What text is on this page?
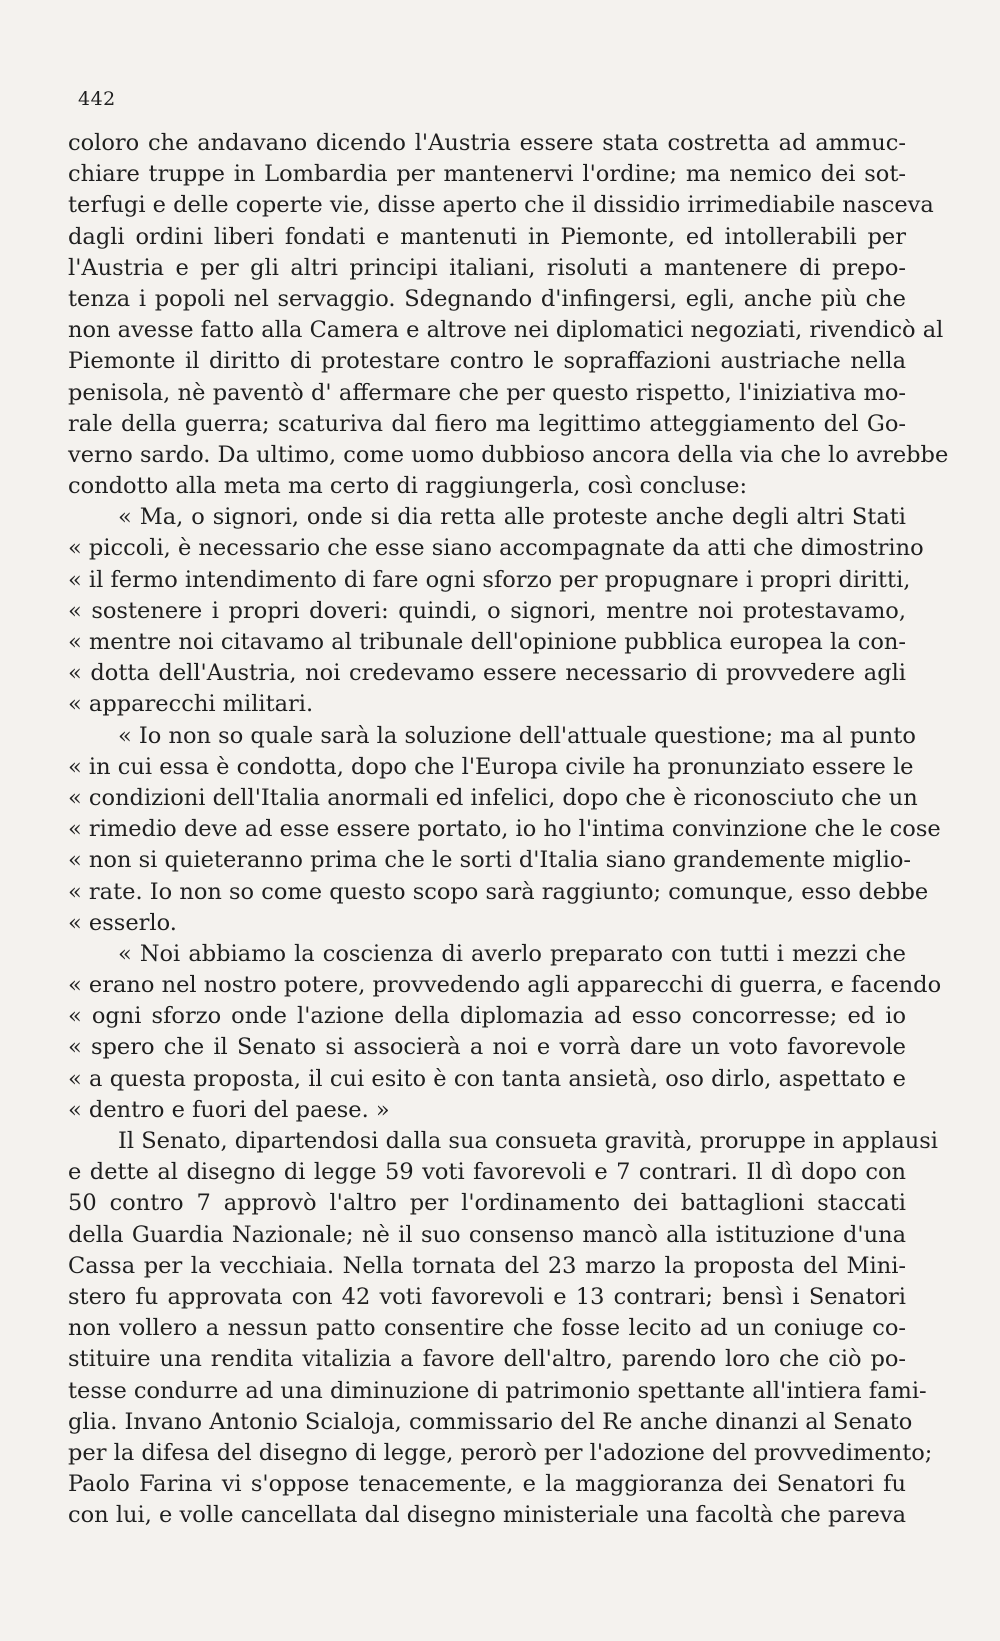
442
coloro che andavano dicendo l'Austria essere stata costretta ad ammuc-
chiare truppe in Lombardia per mantenervi l'ordine; ma nemico dei sot-
terfugi e delle coperte vie, disse aperto che il dissidio irrimediabile nasceva
dagli ordini liberi fondati e mantenuti in Piemonte, ed intollerabili per
l'Austria e per gli altri principi italiani, risoluti a mantenere di prepo-
tenza i popoli nel servaggio. Sdegnando d'infingersi, egli, anche più che
non avesse fatto alla Camera e altrove nei diplomatici negoziati, rivendicò al
Piemonte il diritto di protestare contro le sopraffazioni austriache nella
penisola, nè paventò d' affermare che per questo rispetto, l'iniziativa mo-
rale della guerra; scaturiva dal fiero ma legittimo atteggiamento del Go-
verno sardo. Da ultimo, come uomo dubbioso ancora della via che lo avrebbe
condotto alla meta ma certo di raggiungerla, così concluse:
« Ma, o signori, onde si dia retta alle proteste anche degli altri Stati
« piccoli, è necessario che esse siano accompagnate da atti che dimostrino
« il fermo intendimento di fare ogni sforzo per propugnare i propri diritti,
« sostenere i propri doveri: quindi, o signori, mentre noi protestavamo,
« mentre noi citavamo al tribunale dell'opinione pubblica europea la con-
« dotta dell'Austria, noi credevamo essere necessario di provvedere agli
« apparecchi militari.
« Io non so quale sarà la soluzione dell'attuale questione; ma al punto
« in cui essa è condotta, dopo che l'Europa civile ha pronunziato essere le
« condizioni dell'Italia anormali ed infelici, dopo che è riconosciuto che un
« rimedio deve ad esse essere portato, io ho l'intima convinzione che le cose
« non si quieteranno prima che le sorti d'Italia siano grandemente miglio-
« rate. Io non so come questo scopo sarà raggiunto; comunque, esso debbe
« esserlo.
« Noi abbiamo la coscienza di averlo preparato con tutti i mezzi che
« erano nel nostro potere, provvedendo agli apparecchi di guerra, e facendo
« ogni sforzo onde l'azione della diplomazia ad esso concorresse; ed io
« spero che il Senato si associerà a noi e vorrà dare un voto favorevole
« a questa proposta, il cui esito è con tanta ansietà, oso dirlo, aspettato e
« dentro e fuori del paese. »
Il Senato, dipartendosi dalla sua consueta gravità, proruppe in applausi
e dette al disegno di legge 59 voti favorevoli e 7 contrari. Il dì dopo con
50 contro 7 approvò l'altro per l'ordinamento dei battaglioni staccati
della Guardia Nazionale; nè il suo consenso mancò alla istituzione d'una
Cassa per la vecchiaia. Nella tornata del 23 marzo la proposta del Mini-
stero fu approvata con 42 voti favorevoli e 13 contrari; bensì i Senatori
non vollero a nessun patto consentire che fosse lecito ad un coniuge co-
stituire una rendita vitalizia a favore dell'altro, parendo loro che ciò po-
tesse condurre ad una diminuzione di patrimonio spettante all'intiera fami-
glia. Invano Antonio Scialoja, commissario del Re anche dinanzi al Senato
per la difesa del disegno di legge, perorò per l'adozione del provvedimento;
Paolo Farina vi s'oppose tenacemente, e la maggioranza dei Senatori fu
con lui, e volle cancellata dal disegno ministeriale una facoltà che pareva
